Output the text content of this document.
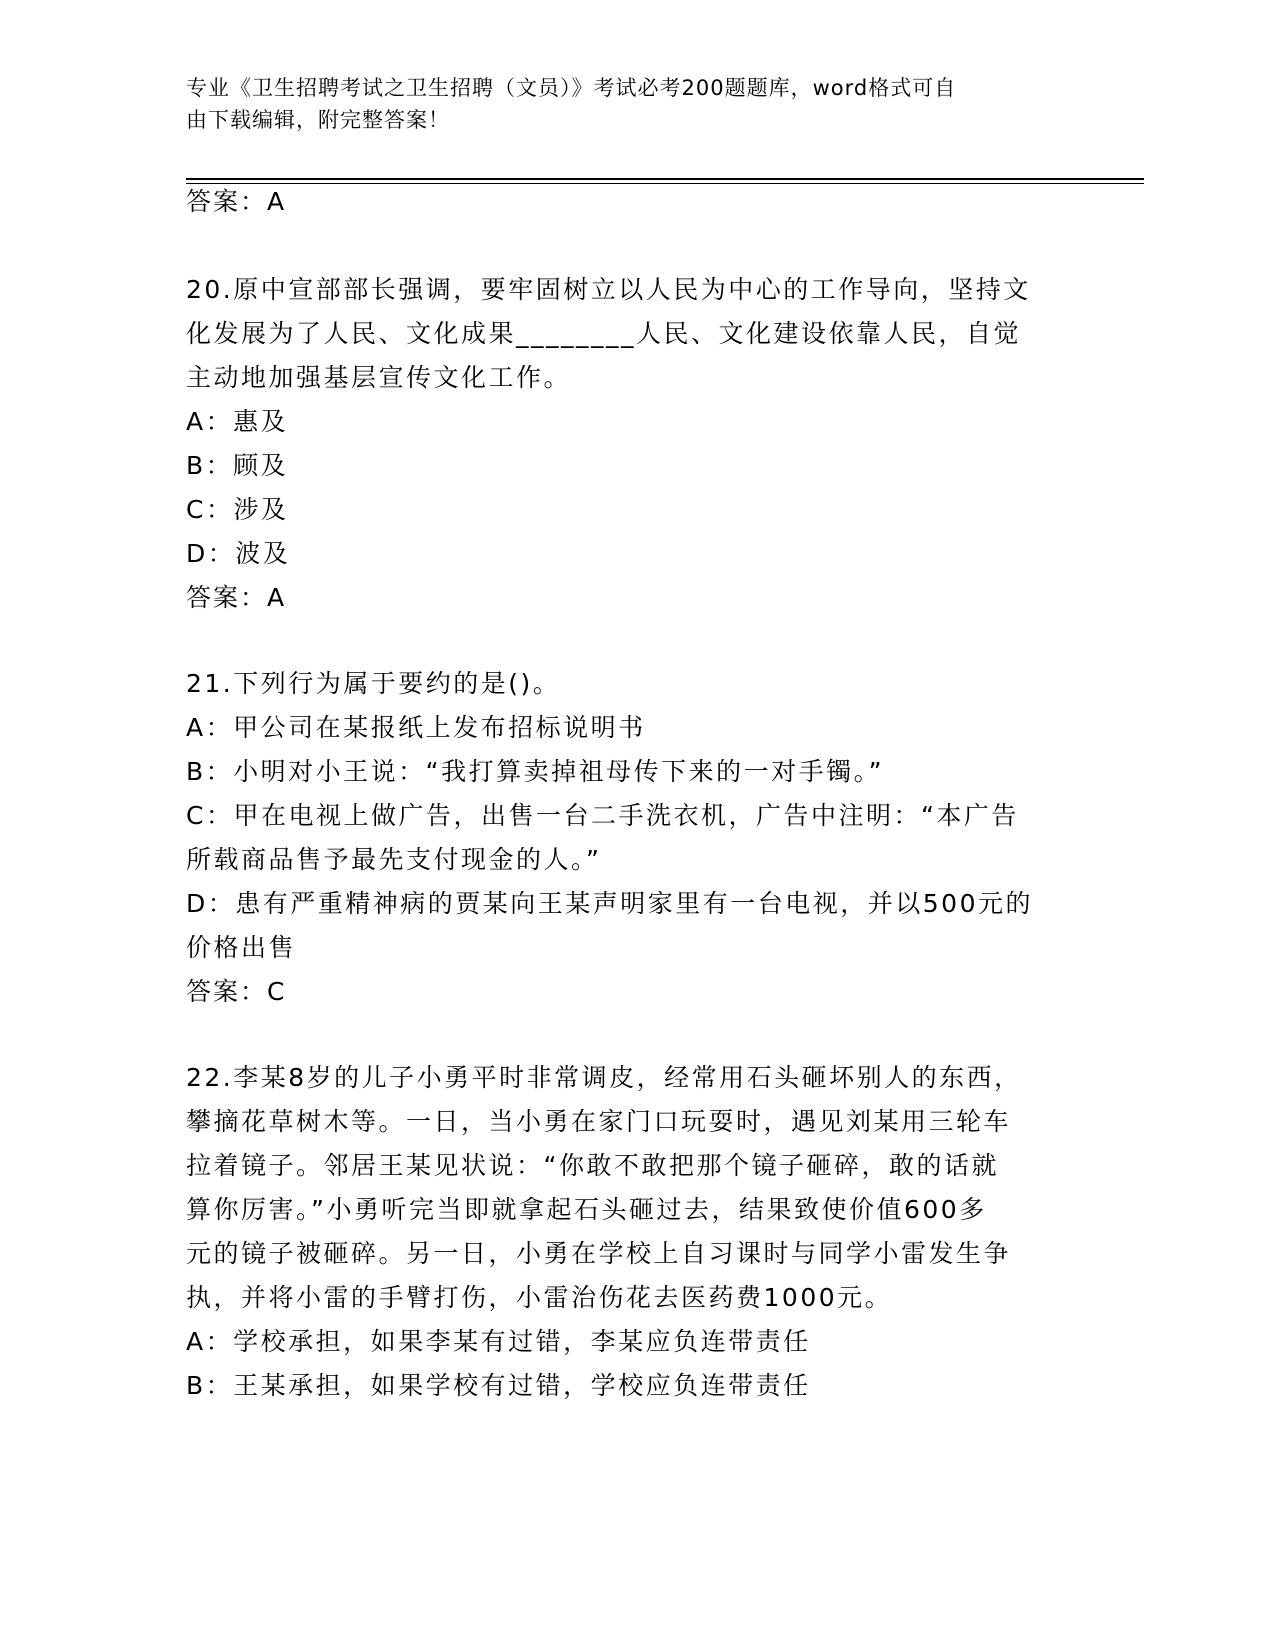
专业《卫生招聘考试之卫生招聘（文员）》考试必考200题题库，word格式可自
由下载编辑，附完整答案！
答案：A
20.原中宣部部长强调，要牢固树立以人民为中心的工作导向，坚持文
化发展为了人民、文化成果________人民、文化建设依靠人民，自觉
主动地加强基层宣传文化工作。
A：惠及
B：顾及
C：涉及
D：波及
答案：A
21.下列行为属于要约的是()。
A：甲公司在某报纸上发布招标说明书
B：小明对小王说：“我打算卖掉祖母传下来的一对手镯。”
C：甲在电视上做广告，出售一台二手洗衣机，广告中注明：“本广告
所载商品售予最先支付现金的人。”
D：患有严重精神病的贾某向王某声明家里有一台电视，并以500元的
价格出售
答案：C
22.李某8岁的儿子小勇平时非常调皮，经常用石头砸坏别人的东西，
攀摘花草树木等。一日，当小勇在家门口玩耍时，遇见刘某用三轮车
拉着镜子。邻居王某见状说：“你敢不敢把那个镜子砸碎，敢的话就
算你厉害。”小勇听完当即就拿起石头砸过去，结果致使价值600多
元的镜子被砸碎。另一日，小勇在学校上自习课时与同学小雷发生争
执，并将小雷的手臂打伤，小雷治伤花去医药费1000元。
A：学校承担，如果李某有过错，李某应负连带责任
B：王某承担，如果学校有过错，学校应负连带责任
